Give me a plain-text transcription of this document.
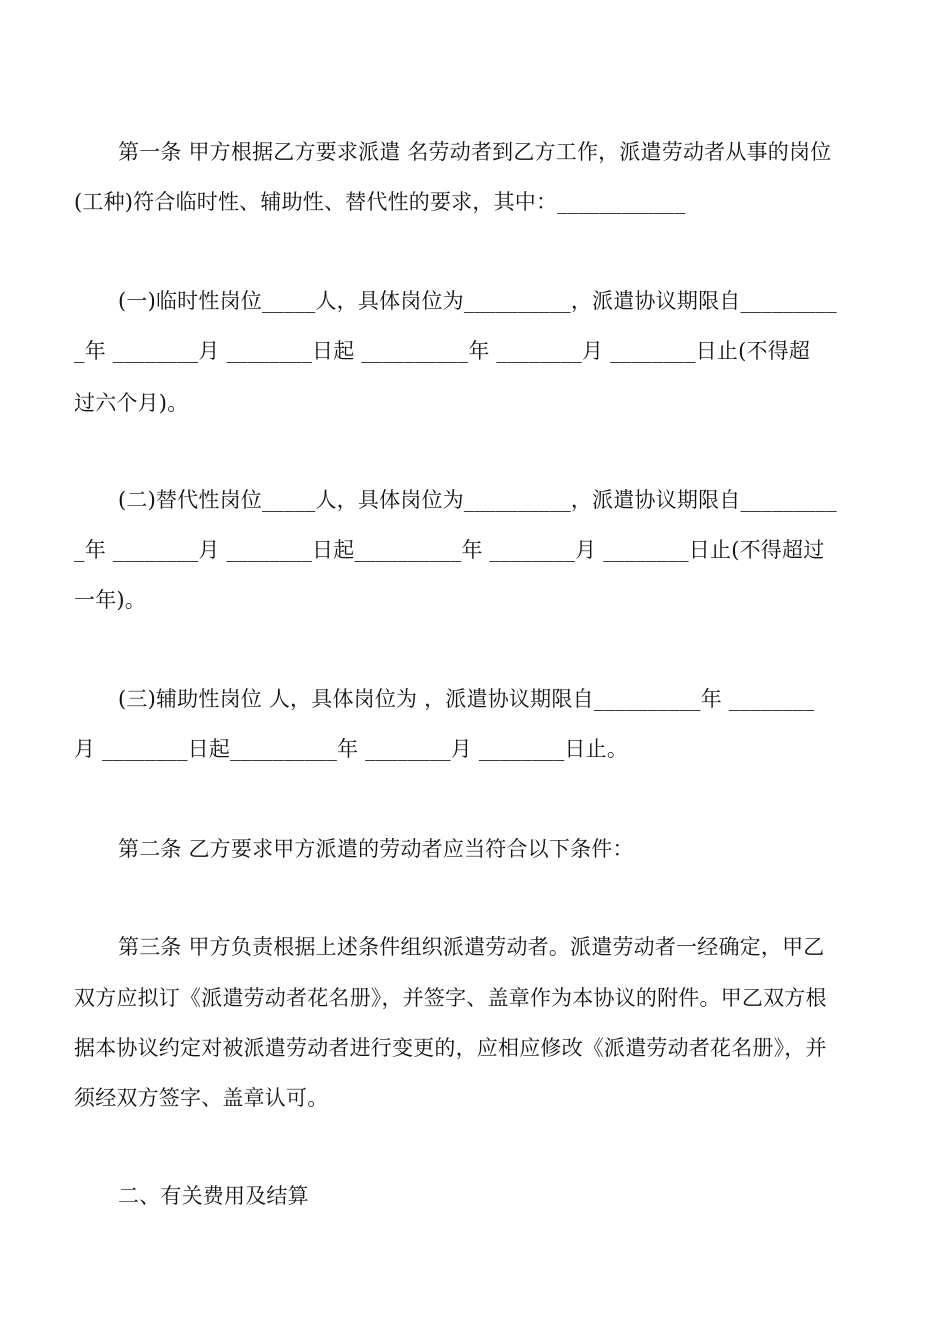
第一条 甲方根据乙方要求派遣 名劳动者到乙方工作，派遣劳动者从事的岗位
(工种)符合临时性、辅助性、替代性的要求，其中：____________
(一)临时性岗位_____人，具体岗位为__________，派遣协议期限自_________
_年 ________月 ________日起 __________年 ________月 ________日止(不得超
过六个月)。
(二)替代性岗位_____人，具体岗位为__________，派遣协议期限自_________
_年 ________月 ________日起__________年 ________月 ________日止(不得超过
一年)。
(三)辅助性岗位 人，具体岗位为 ，派遣协议期限自__________年 ________
月 ________日起__________年 ________月 ________日止。
第二条 乙方要求甲方派遣的劳动者应当符合以下条件：
第三条 甲方负责根据上述条件组织派遣劳动者。派遣劳动者一经确定，甲乙
双方应拟订《派遣劳动者花名册》，并签字、盖章作为本协议的附件。甲乙双方根
据本协议约定对被派遣劳动者进行变更的，应相应修改《派遣劳动者花名册》，并
须经双方签字、盖章认可。
二、有关费用及结算
